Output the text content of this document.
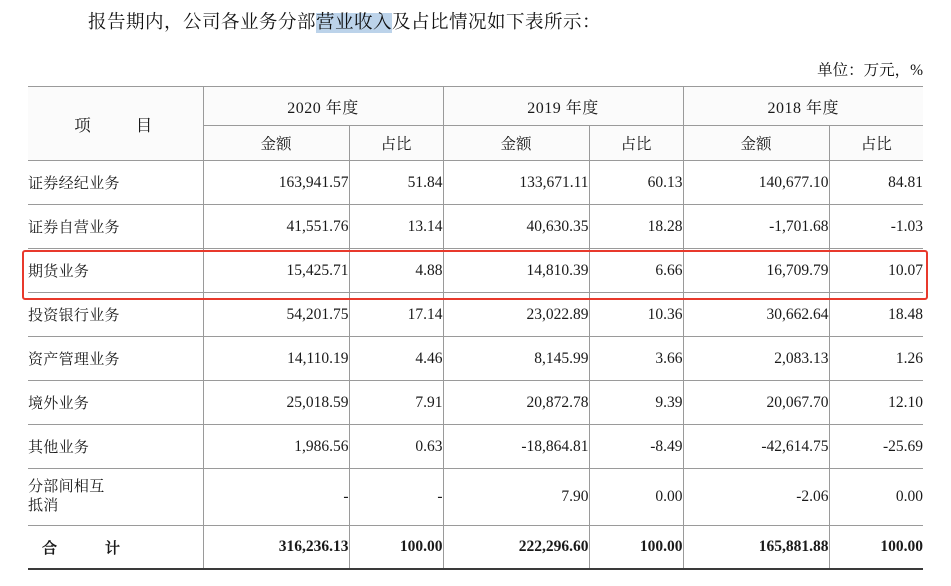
报告期内，公司各业务分部营业收入及占比情况如下表所示：
单位：万元，%
项　　目	2020 年度		2019 年度		2018 年度	
	金额	占比	金额	占比	金额	占比
证券经纪业务	163,941.57	51.84	133,671.11	60.13	140,677.10	84.81
证券自营业务	41,551.76	13.14	40,630.35	18.28	-1,701.68	-1.03
期货业务	15,425.71	4.88	14,810.39	6.66	16,709.79	10.07
投资银行业务	54,201.75	17.14	23,022.89	10.36	30,662.64	18.48
资产管理业务	14,110.19	4.46	8,145.99	3.66	2,083.13	1.26
境外业务	25,018.59	7.91	20,872.78	9.39	20,067.70	12.10
其他业务	1,986.56	0.63	-18,864.81	-8.49	-42,614.75	-25.69

分部间相互
抵消	-	-	7.90	0.00	-2.06	0.00
合　　计	316,236.13	100.00	222,296.60	100.00	165,881.88	100.00
